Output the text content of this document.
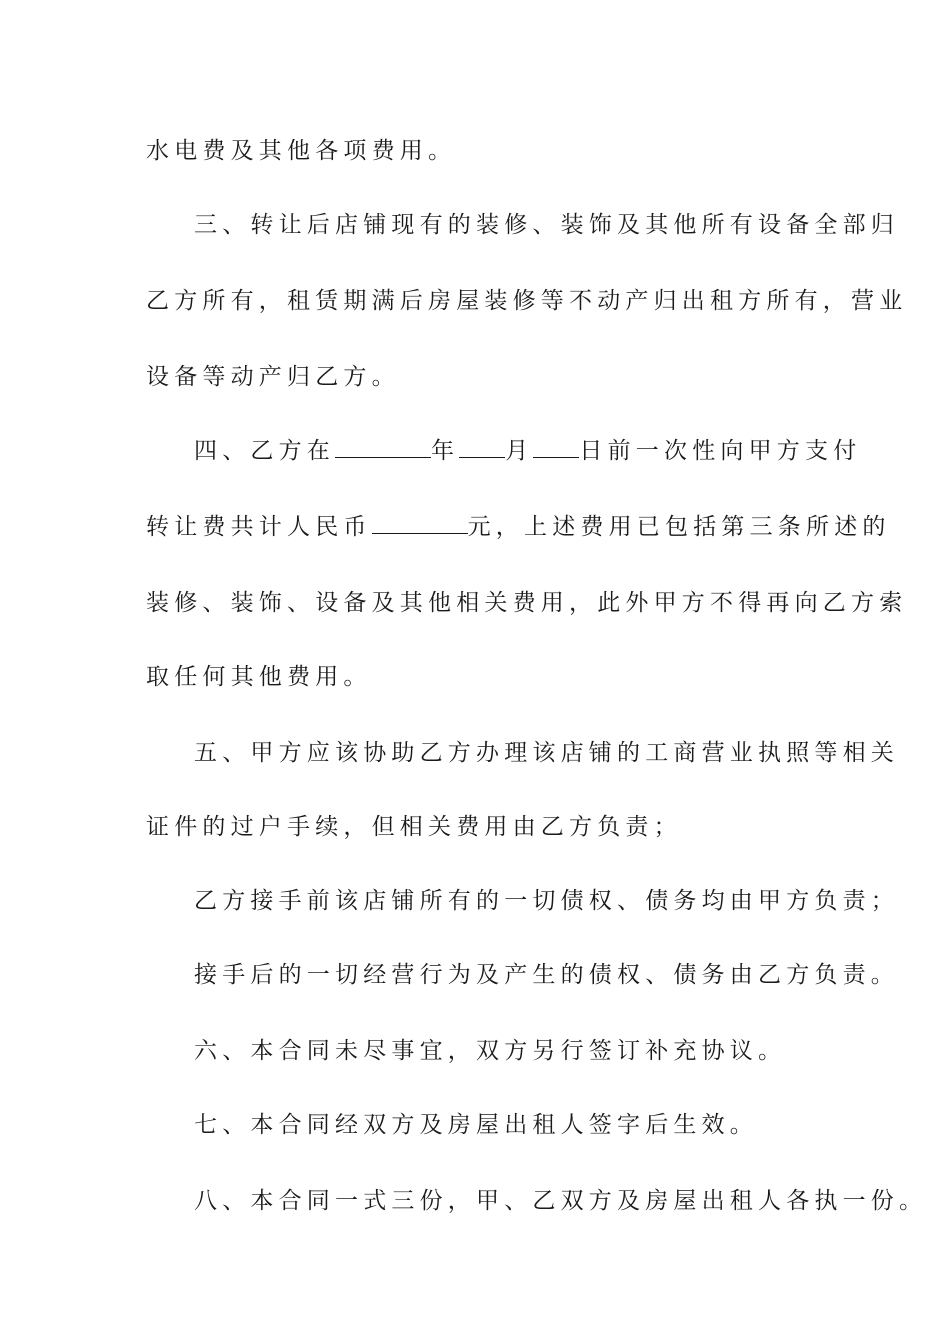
水电费及其他各项费用。
三、转让后店铺现有的装修、装饰及其他所有设备全部归
乙方所有，租赁期满后房屋装修等不动产归出租方所有，营业
设备等动产归乙方。
四、乙方在	年 月 日前一次性向甲方支付
转让费共计人民币	元，上述费用已包括第三条所述的
装修、装饰、设备及其他相关费用，此外甲方不得再向乙方索
取任何其他费用。
五、甲方应该协助乙方办理该店铺的工商营业执照等相关
证件的过户手续，但相关费用由乙方负责；
乙方接手前该店铺所有的一切债权、债务均由甲方负责；
接手后的一切经营行为及产生的债权、债务由乙方负责。
六、本合同未尽事宜，双方另行签订补充协议。
七、本合同经双方及房屋出租人签字后生效。
八、本合同一式三份，甲、乙双方及房屋出租人各执一份。
